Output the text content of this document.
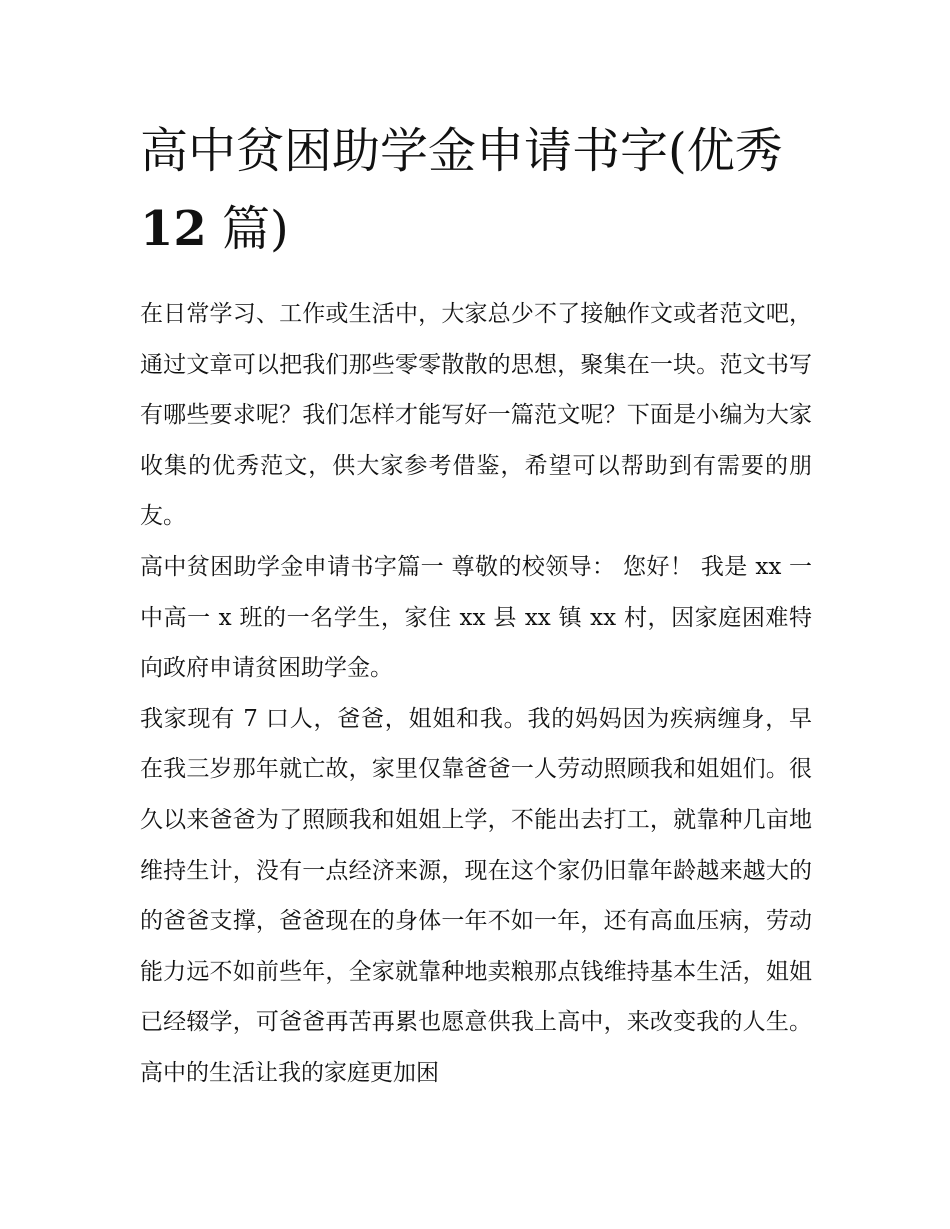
高中贫困助学金申请书字(优秀
12 篇)

在日常学习、工作或生活中，大家总少不了接触作文或者范文吧，通过文章可以把我们那些零零散散的思想，聚集在一块。范文书写有哪些要求呢？我们怎样才能写好一篇范文呢？下面是小编为大家收集的优秀范文，供大家参考借鉴，希望可以帮助到有需要的朋友。

高中贫困助学金申请书字篇一 尊敬的校领导： 您好！ 我是 xx 一中高一 x 班的一名学生，家住 xx 县 xx 镇 xx 村，因家庭困难特向政府申请贫困助学金。

我家现有 7 口人，爸爸，姐姐和我。我的妈妈因为疾病缠身，早在我三岁那年就亡故，家里仅靠爸爸一人劳动照顾我和姐姐们。很久以来爸爸为了照顾我和姐姐上学，不能出去打工，就靠种几亩地维持生计，没有一点经济来源，现在这个家仍旧靠年龄越来越大的的爸爸支撑，爸爸现在的身体一年不如一年，还有高血压病，劳动能力远不如前些年，全家就靠种地卖粮那点钱维持基本生活，姐姐已经辍学，可爸爸再苦再累也愿意供我上高中，来改变我的人生。高中的生活让我的家庭更加困
